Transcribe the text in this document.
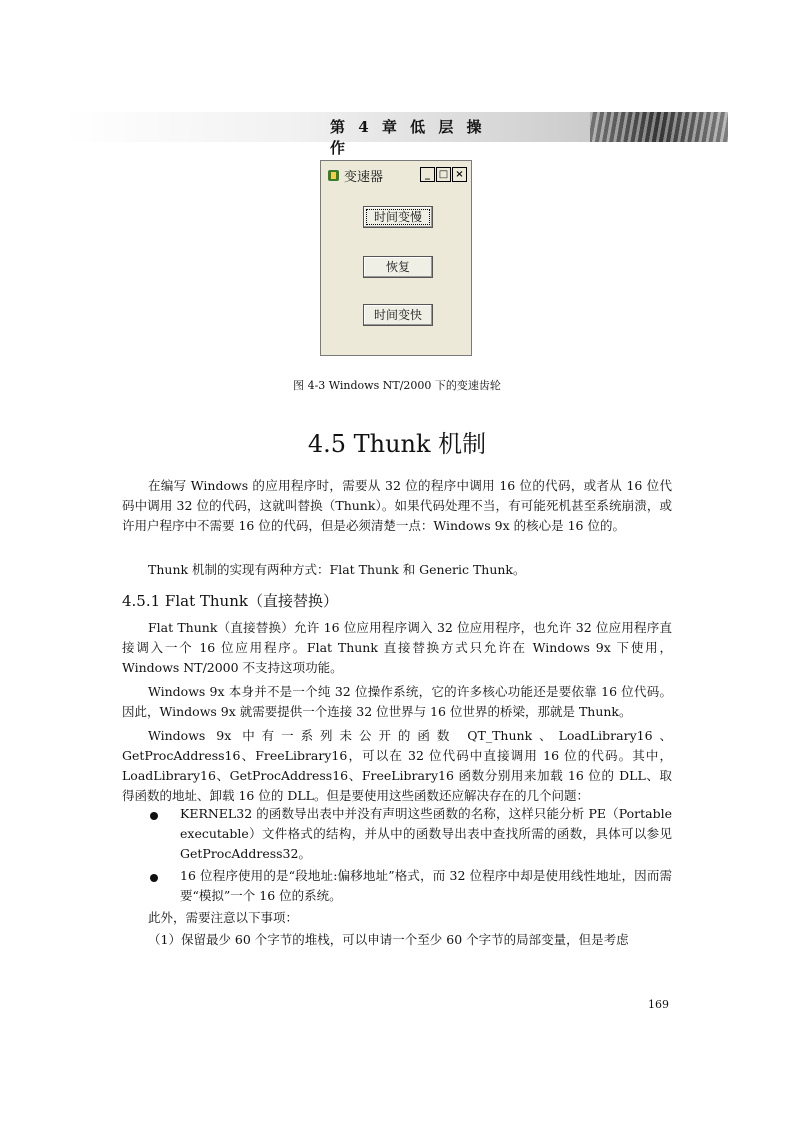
第 4 章 低 层 操 作
变速器	_ □ ×
时间变慢
恢复
时间变快
图 4-3 Windows NT/2000 下的变速齿轮
4.5 Thunk 机制
在编写 Windows 的应用程序时，需要从 32 位的程序中调用 16 位的代码，或者从 16 位代码中调用 32 位的代码，这就叫替换（Thunk）。如果代码处理不当，有可能死机甚至系统崩溃，或许用户程序中不需要 16 位的代码，但是必须清楚一点：Windows 9x 的核心是 16 位的。
Thunk 机制的实现有两种方式：Flat Thunk 和 Generic Thunk。
4.5.1 Flat Thunk（直接替换）
Flat Thunk（直接替换）允许 16 位应用程序调入 32 位应用程序，也允许 32 位应用程序直接调入一个 16 位应用程序。Flat Thunk 直接替换方式只允许在 Windows 9x 下使用，Windows NT/2000 不支持这项功能。
Windows 9x 本身并不是一个纯 32 位操作系统，它的许多核心功能还是要依靠 16 位代码。因此，Windows 9x 就需要提供一个连接 32 位世界与 16 位世界的桥梁，那就是 Thunk。
Windows 9x 中有一系列未公开的函数 QT_Thunk、LoadLibrary16、GetProcAddress16、FreeLibrary16，可以在 32 位代码中直接调用 16 位的代码。其中，LoadLibrary16、GetProcAddress16、FreeLibrary16 函数分别用来加载 16 位的 DLL、取得函数的地址、卸载 16 位的 DLL。但是要使用这些函数还应解决存在的几个问题：
KERNEL32 的函数导出表中并没有声明这些函数的名称，这样只能分析 PE（Portable executable）文件格式的结构，并从中的函数导出表中查找所需的函数，具体可以参见 GetProcAddress32。
16 位程序使用的是“段地址:偏移地址”格式，而 32 位程序中却是使用线性地址，因而需要“模拟”一个 16 位的系统。
此外，需要注意以下事项：
（1）保留最少 60 个字节的堆栈，可以申请一个至少 60 个字节的局部变量，但是考虑
169
